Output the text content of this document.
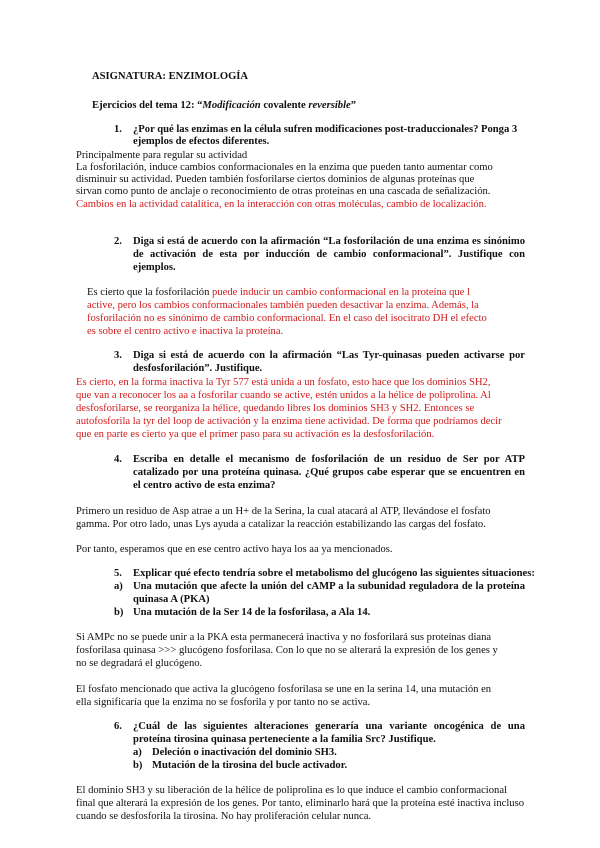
ASIGNATURA: ENZIMOLOGÍA
Ejercicios del tema 12: “Modificación covalente reversible”
1. ¿Por qué las enzimas en la célula sufren modificaciones post-traduccionales? Ponga 3
ejemplos de efectos diferentes.
Principalmente para regular su actividad
La fosforilación, induce cambios conformacionales en la enzima que pueden tanto aumentar como
disminuir su actividad. Pueden también fosforilarse ciertos dominios de algunas proteínas que
sirvan como punto de anclaje o reconocimiento de otras proteínas en una cascada de señalización.
Cambios en la actividad catalítica, en la interacción con otras moléculas, cambio de localización.
2. Diga si está de acuerdo con la afirmación “La fosforilación de una enzima es sinónimo
de activación de esta por inducción de cambio conformacional”. Justifique con
ejemplos.
Es cierto que la fosforilación puede inducir un cambio conformacional en la proteína que l
active, pero los cambios conformacionales también pueden desactivar la enzima. Además, la
fosforilación no es sinónimo de cambio conformacional. En el caso del isocitrato DH el efecto
es sobre el centro activo e inactiva la proteína.
3. Diga si está de acuerdo con la afirmación “Las Tyr-quinasas pueden activarse por
desfosforilación”. Justifique.
Es cierto, en la forma inactiva la Tyr 577 está unida a un fosfato, esto hace que los dominios SH2,
que van a reconocer los aa a fosforilar cuando se active, estén unidos a la hélice de poliprolina. Al
desfosforilarse, se reorganiza la hélice, quedando libres los dominios SH3 y SH2. Entonces se
autofosforila la tyr del loop de activación y la enzima tiene actividad. De forma que podríamos decir
que en parte es cierto ya que el primer paso para su activación es la desfosforilación.
4. Escriba en detalle el mecanismo de fosforilación de un residuo de Ser por ATP
catalizado por una proteína quinasa. ¿Qué grupos cabe esperar que se encuentren en
el centro activo de esta enzima?
Primero un residuo de Asp atrae a un H+ de la Serina, la cual atacará al ATP, llevándose el fosfato
gamma. Por otro lado, unas Lys ayuda a catalizar la reacción estabilizando las cargas del fosfato.
Por tanto, esperamos que en ese centro activo haya los aa ya mencionados.
5. Explicar qué efecto tendría sobre el metabolismo del glucógeno las siguientes situaciones:
a) Una mutación que afecte la unión del cAMP a la subunidad reguladora de la proteína
quinasa A (PKA)
b) Una mutación de la Ser 14 de la fosforilasa, a Ala 14.
Si AMPc no se puede unir a la PKA esta permanecerá inactiva y no fosforilará sus proteínas diana
fosforilasa quinasa >>> glucógeno fosforilasa. Con lo que no se alterará la expresión de los genes y
no se degradará el glucógeno.
El fosfato mencionado que activa la glucógeno fosforilasa se une en la serina 14, una mutación en
ella significaría que la enzima no se fosforila y por tanto no se activa.
6. ¿Cuál de las siguientes alteraciones generaría una variante oncogénica de una
proteína tirosina quinasa perteneciente a la familia Src? Justifique.
a) Deleción o inactivación del dominio SH3.
b) Mutación de la tirosina del bucle activador.
El dominio SH3 y su liberación de la hélice de poliprolina es lo que induce el cambio conformacional
final que alterará la expresión de los genes. Por tanto, eliminarlo hará que la proteína esté inactiva incluso
cuando se desfosforila la tirosina. No hay proliferación celular nunca.
